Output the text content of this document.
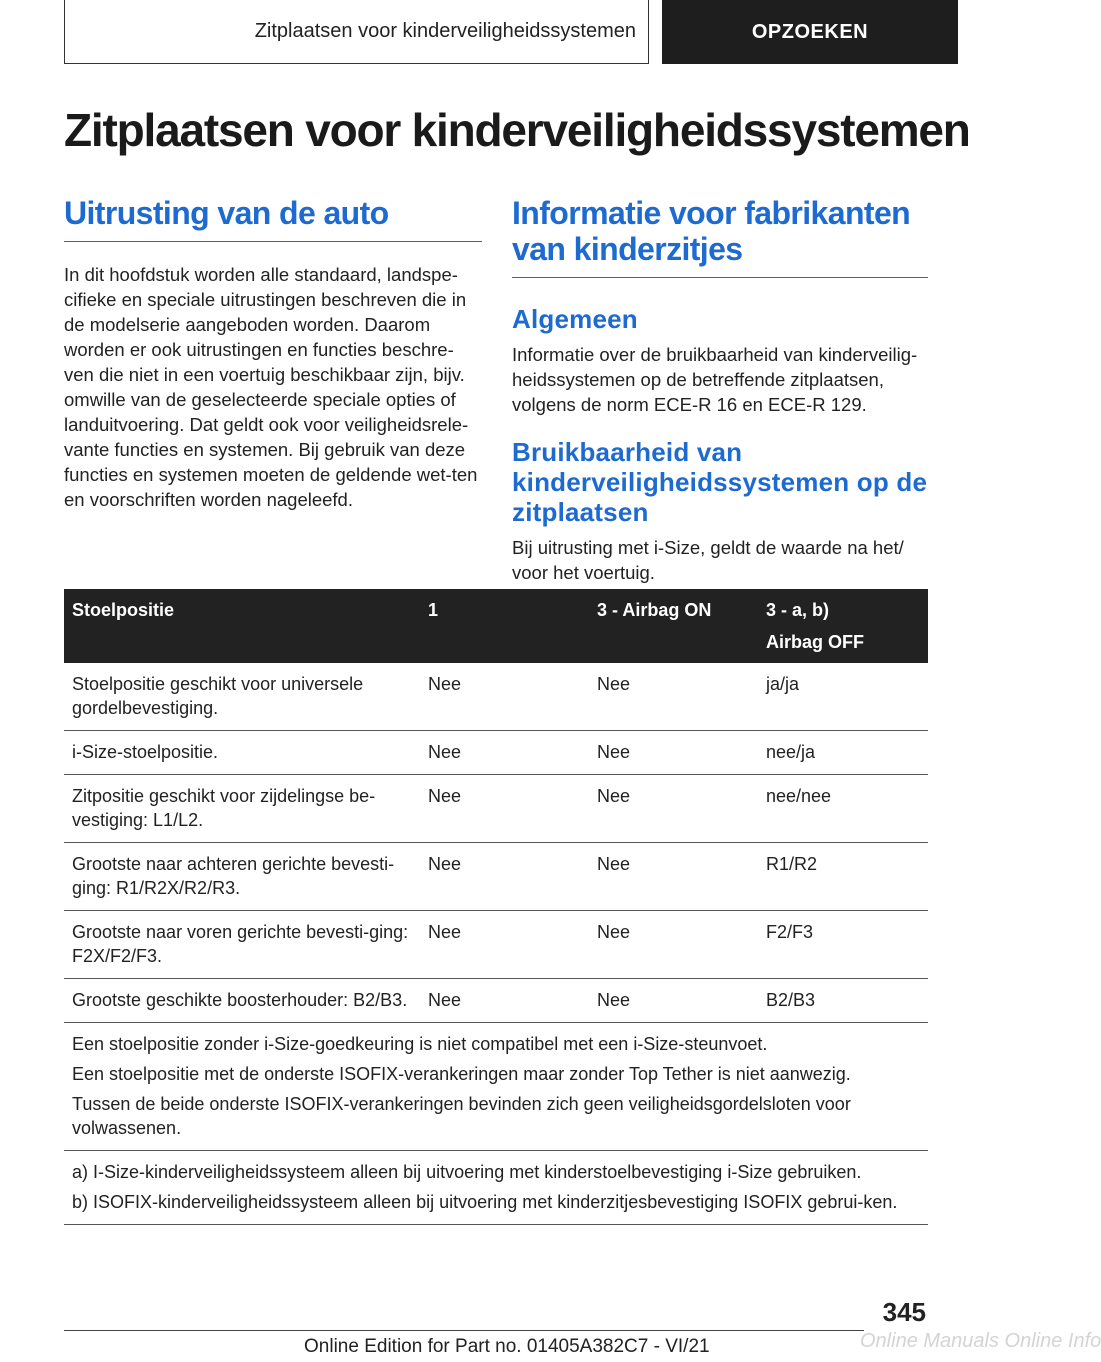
Zitplaatsen voor kinderveiligheidssystemen	OPZOEKEN
Zitplaatsen voor kinderveiligheidssystemen
Uitrusting van de auto

In dit hoofdstuk worden alle standaard, landspe-cifieke en speciale uitrustingen beschreven die in de modelserie aangeboden worden. Daarom worden er ook uitrustingen en functies beschre-ven die niet in een voertuig beschikbaar zijn, bijv. omwille van de geselecteerde speciale opties of landuitvoering. Dat geldt ook voor veiligheidsrele-vante functies en systemen. Bij gebruik van deze functies en systemen moeten de geldende wet-ten en voorschriften worden nageleefd.

Informatie voor fabrikanten van kinderzitjes
Algemeen

Informatie over de bruikbaarheid van kinderveilig-heidssystemen op de betreffende zitplaatsen, volgens de norm ECE-R 16 en ECE-R 129.

Bruikbaarheid van kinderveiligheidssystemen op de zitplaatsen

Bij uitrusting met i-Size, geldt de waarde na het/ voor het voertuig.

Stoelpositie	1	3 - Airbag ON	3 - a, b)
Airbag OFF

Stoelpositie geschikt voor universele gordelbevestiging.	Nee	Nee	ja/ja
i-Size-stoelpositie.	Nee	Nee	nee/ja
Zitpositie geschikt voor zijdelingse be-vestiging: L1/L2.	Nee	Nee	nee/nee
Grootste naar achteren gerichte bevesti-ging: R1/R2X/R2/R3.	Nee	Nee	R1/R2
Grootste naar voren gerichte bevesti-ging: F2X/F2/F3.	Nee	Nee	F2/F3
Grootste geschikte boosterhouder: B2/B3.	Nee	Nee	B2/B3

Een stoelpositie zonder i-Size-goedkeuring is niet compatibel met een i-Size-steunvoet.

Een stoelpositie met de onderste ISOFIX-verankeringen maar zonder Top Tether is niet aanwezig.

Tussen de beide onderste ISOFIX-verankeringen bevinden zich geen veiligheidsgordelsloten voor volwassenen.			

a) I-Size-kinderveiligheidssysteem alleen bij uitvoering met kinderstoelbevestiging i-Size gebruiken.

b) ISOFIX-kinderveiligheidssysteem alleen bij uitvoering met kinderzitjesbevestiging ISOFIX gebrui-ken.			

345
Online Edition for Part no. 01405A382C7 - VI/21	Online Manuals Online Info
